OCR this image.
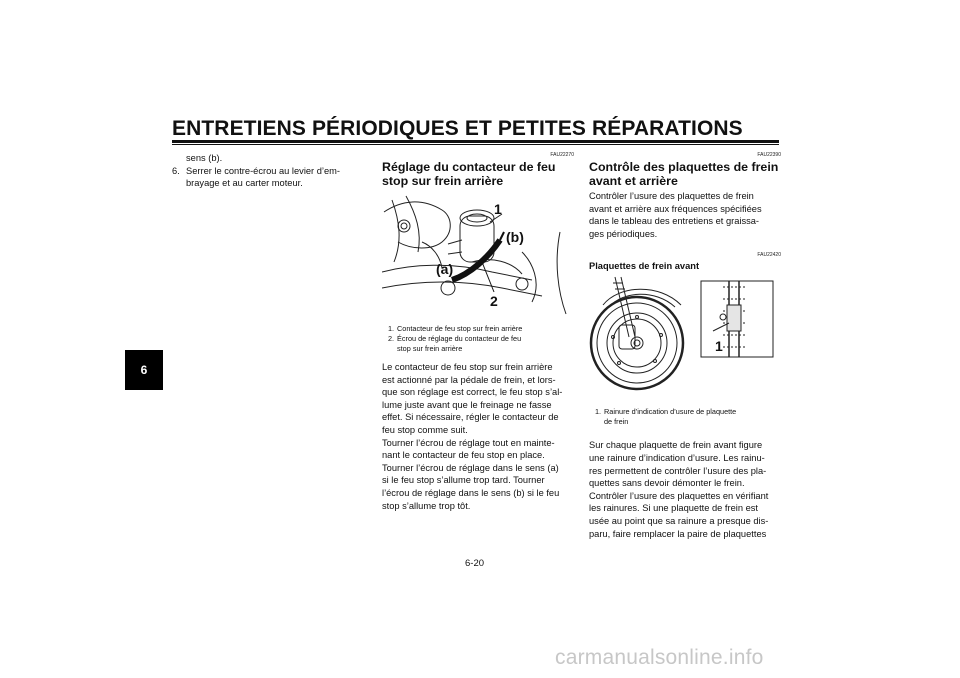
ENTRETIENS PÉRIODIQUES ET PETITES RÉPARATIONS
6
sens (b).
6. Serrer le contre-écrou au levier d’em-
brayage et au carter moteur.
FAU22270
Réglage du contacteur de feu
stop sur frein arrière
1
(b)
(a)
2
1. Contacteur de feu stop sur frein arrière
2. Écrou de réglage du contacteur de feu
stop sur frein arrière
Le contacteur de feu stop sur frein arrière
est actionné par la pédale de frein, et lors-
que son réglage est correct, le feu stop s’al-
lume juste avant que le freinage ne fasse
effet. Si nécessaire, régler le contacteur de
feu stop comme suit.
Tourner l’écrou de réglage tout en mainte-
nant le contacteur de feu stop en place.
Tourner l’écrou de réglage dans le sens (a)
si le feu stop s’allume trop tard. Tourner
l’écrou de réglage dans le sens (b) si le feu
stop s’allume trop tôt.
FAU22390
Contrôle des plaquettes de frein
avant et arrière
Contrôler l’usure des plaquettes de frein
avant et arrière aux fréquences spécifiées
dans le tableau des entretiens et graissa-
ges périodiques.
FAU22420
Plaquettes de frein avant
1
1. Rainure d’indication d’usure de plaquette
de frein
Sur chaque plaquette de frein avant figure
une rainure d’indication d’usure. Les rainu-
res permettent de contrôler l’usure des pla-
quettes sans devoir démonter le frein.
Contrôler l’usure des plaquettes en vérifiant
les rainures. Si une plaquette de frein est
usée au point que sa rainure a presque dis-
paru, faire remplacer la paire de plaquettes
6-20
carmanualsonline.info
